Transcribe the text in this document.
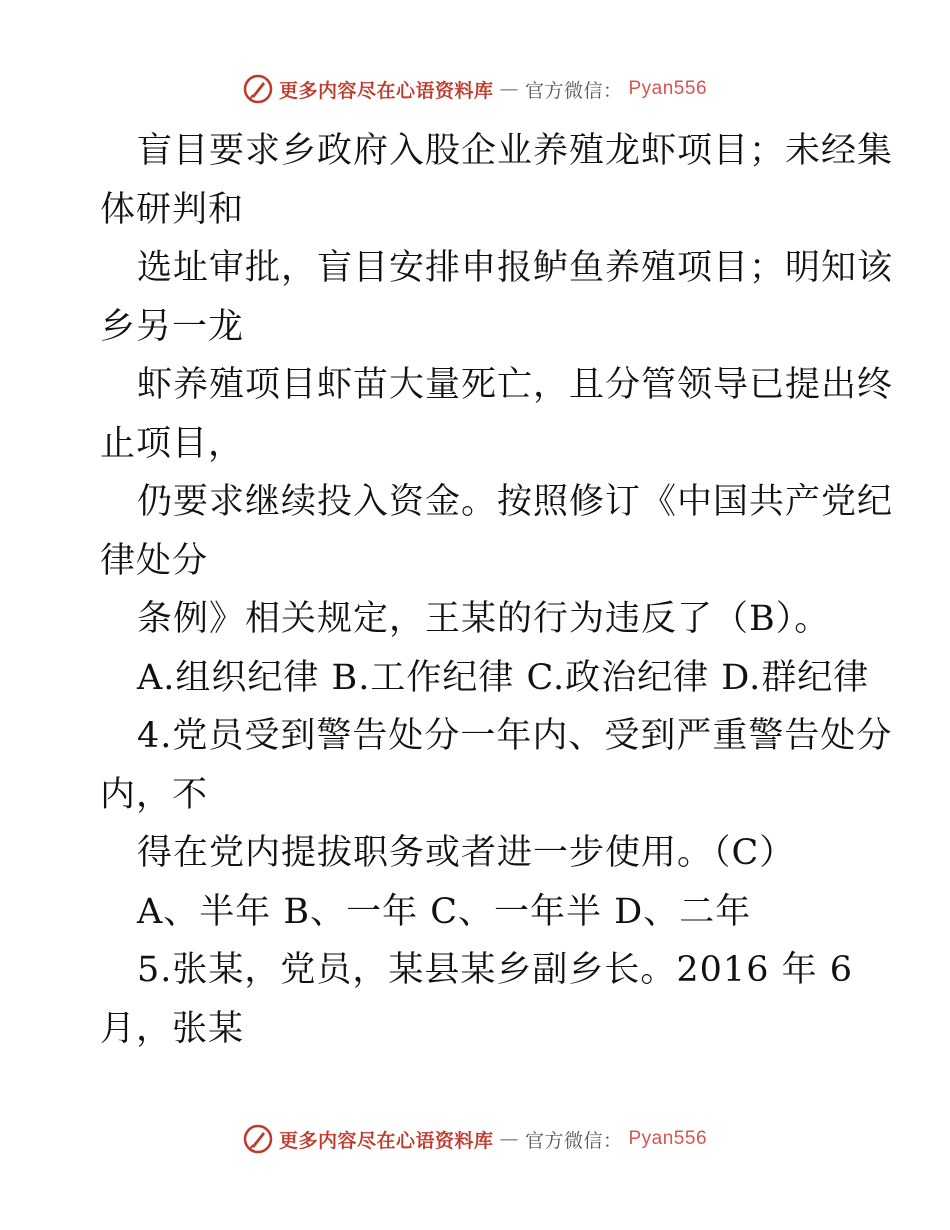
更多内容尽在心语资料库 — 官方微信： Pyan556
盲目要求乡政府入股企业养殖龙虾项目；未经集
体研判和
选址审批，盲目安排申报鲈鱼养殖项目；明知该
乡另一龙
虾养殖项目虾苗大量死亡，且分管领导已提出终
止项目，
仍要求继续投入资金。按照修订《中国共产党纪
律处分
条例》相关规定，王某的行为违反了（B）。
A.组织纪律 B.工作纪律 C.政治纪律 D.群纪律
4.党员受到警告处分一年内、受到严重警告处分
内，不
得在党内提拔职务或者进一步使用。（C）
A、半年 B、一年 C、一年半 D、二年
5.张某，党员，某县某乡副乡长。2016 年 6
月，张某
更多内容尽在心语资料库 — 官方微信： Pyan556
